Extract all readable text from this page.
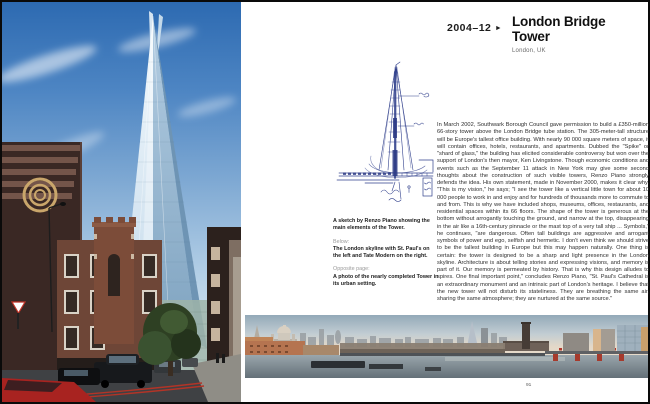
2004–12 ► London Bridge Tower
London, UK

A sketch by Renzo Piano showing the main elements of the Tower.

Below:

The London skyline with St. Paul's on the left and Tate Modern on the right.

Opposite page:

A photo of the nearly completed Tower in its urban setting.

In March 2002, Southwark Borough Council gave permission to build a £350-million 66-story tower above the London Bridge tube station. The 305-meter-tall structure will be Europe's tallest office building. With nearly 90 000 square meters of space, it will contain offices, hotels, restaurants, and apartments. Dubbed the "Spike" or "shard of glass," the building has elicited considerable controversy but won over the support of London's then mayor, Ken Livingstone. Though economic conditions and events such as the September 11 attack in New York may give some second thoughts about the construction of such visible towers, Renzo Piano strongly defends the idea. His own statement, made in November 2000, makes it clear why. "This is my vision," he says; "I see the tower like a vertical little town for about 10 000 people to work in and enjoy and for hundreds of thousands more to commute to and from. This is why we have included shops, museums, offices, restaurants, and residential spaces within its 66 floors. The shape of the tower is generous at the bottom without arrogantly touching the ground, and narrow at the top, disappearing in the air like a 16th-century pinnacle or the mast top of a very tall ship ... Symbols," he continues, "are dangerous. Often tall buildings are aggressive and arrogant symbols of power and ego, selfish and hermetic. I don't even think we should strive to be the tallest building in Europe but this may happen naturally. One thing is certain: the tower is designed to be a sharp and light presence in the London skyline. Architecture is about telling stories and expressing visions, and memory is part of it. Our memory is permeated by history. That is why this design alludes to spires. One final important point," concludes Renzo Piano, "St. Paul's Cathedral is an extraordinary monument and an intrinsic part of London's heritage. I believe that the new tower will not disturb its stateliness. They are breathing the same air, sharing the same atmosphere; they are nurtured at the same source."
91
